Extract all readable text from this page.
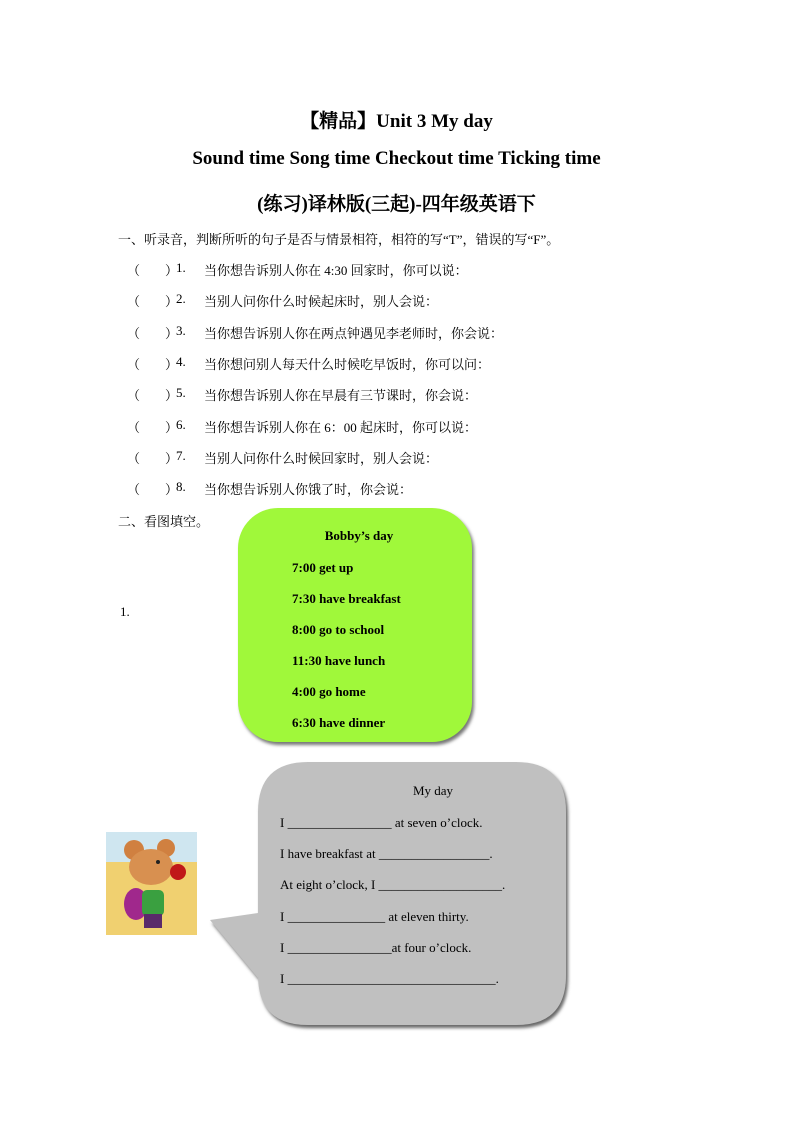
【精品】Unit 3 My day
Sound time Song time Checkout time Ticking time
(练习)译林版(三起)-四年级英语下
一、听录音，判断所听的句子是否与情景相符，相符的写“T”，错误的写“F”。
（ ）
1. 当你想告诉别人你在 4:30 回家时，你可以说：
（ ）
2. 当别人问你什么时候起床时，别人会说：
（ ）
3. 当你想告诉别人你在两点钟遇见李老师时，你会说：
（ ）
4. 当你想问别人每天什么时候吃早饭时，你可以问：
（ ）
5. 当你想告诉别人你在早晨有三节课时，你会说：
（ ）
6. 当你想告诉别人你在 6：00 起床时，你可以说：
（ ）
7. 当别人问你什么时候回家时，别人会说：
（ ）
8. 当你想告诉别人你饿了时，你会说：
二、看图填空。
1.
Bobby’s day
7:00 get up
7:30 have breakfast
8:00 go to school
11:30 have lunch
4:00 go home
6:30 have dinner
My day
I ________________ at seven o’clock.
I have breakfast at _________________.
At eight o’clock, I ___________________.
I _______________ at eleven thirty.
I ________________at four o’clock.
I ________________________________.
